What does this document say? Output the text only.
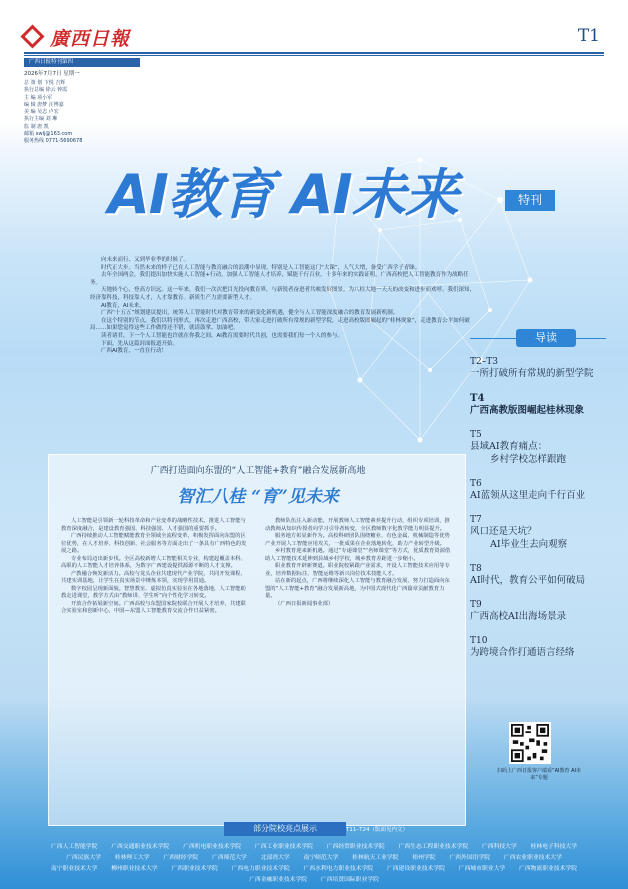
廣西日報	T1
广西日报特刊第四
2026年7月7日 星期一
总 策 划 卞悦 吉辉
执行总编 徐云 钟霞
主 编 项小军
编 辑 唐梦 汪博嘉
美 编 吴志 卢宏
执行主编 刘 琳
监 制 唐 凯
邮箱 xwlj@163.com
服务热线 0771-5690678
AI教育 AI未来	特刊

向未来而行、又到毕业季的时候了。

时代正大步。当然未来的样子已在人工智能与教育融合的浪潮中显现。特别是人工智能这门“大课”，人气大增，备受广西学子青睐。

去年全国两会，我们提出加快实施人工智能+行动，加强人工智能人才培养，赋能千行百业。十多年来的实践证明，广西高校把人工智能教育作为战略任务。

天地转个心，登高方识远。这一年来，我们一次次把目光投向教育界，与新锐者奋进者共映发展图景。为八桂大地一天天的改变和进步而欢呼。我们深知，经济靠科技，科技靠人才，人才靠教育。新质生产力需要新型人才。

AI教育，AI未来。

广西“十五五”规划建议提出，统筹人工智能时代对教育带来的新变化新机遇，健全与人工智能深度融合的教育发展新机制。

在这个特别的节点，我们以特刊形式，再次走进广西高校，带大家走进打破所有常规的新型学院，走进高校版图崛起的“桂林现象”，走进教育公平如何破局……如果您觉得这些工作做得还不错，就请鼓掌、加油吧。

读者诸君，下一个人工智能也许就在你我之间。AI教育需要时代共创，也需要我们每一个人的参与。

下面，先从这篇封面报道开始。

广西AI教育，一直在行动！

导读
T2–T3
一所打破所有常规的新型学院
T4
广西高教版图崛起桂林现象
T5
县域AI教育痛点：
乡村学校怎样跟跑
T6
AI蓝领从这里走向千行百业
T7
风口还是天坑？
AI毕业生去向观察
T8
AI时代，教育公平如何破局
T9
广西高校AI出海场景录
T10
为跨境合作打通语言经络
广西打造面向东盟的“人工智能+教育”融合发展新高地
智汇八桂 “育”见未来

人工智能是引领新一轮科技革命和产业变革的战略性技术。推进人工智能与教育深度融合，是建设教育强国、科技强国、人才强国的重要抓手。

广西持续推动人工智能赋能教育全领域全流程变革，积极发挥面向东盟的区位优势，在人才培养、科技创新、社会服务等方面走出了一条具有广西特色的发展之路。

专业布局迈出新步伐。全区高校新增人工智能相关专业，构建起覆盖本科、高职的人工智能人才培养体系，为数字广西建设提供源源不断的人才支撑。

产教融合焕发新活力。高校与龙头企业共建现代产业学院，共同开发课程、共建实训基地，让学生在真实场景中锤炼本领，实现学用贯通。

数字校园呈现新面貌。智慧教室、虚拟仿真实验室在各地落地，人工智能助教走进课堂，教学方式由“教师讲、学生听”向个性化学习转变。

开放合作拓展新空间。广西高校与东盟国家院校联合开展人才培养，共建联合实验室和创新中心，中国—东盟人工智能教育交流合作日益紧密。

教师队伍注入新动能。开展教师人工智能素养提升行动，组织专项培训，推动教师从知识传授者向学习引导者转变，全区教师数字化教学能力明显提升。

服务地方彰显新作为。高校科研团队围绕糖业、有色金属、机械制造等优势产业开展人工智能应用攻关，一批成果在企业落地转化，助力产业转型升级。

乡村教育迎来新机遇。通过“专递课堂”“名师课堂”等方式，优质教育资源借助人工智能技术延伸到县域乡村学校，城乡教育差距进一步缩小。

职业教育开辟新赛道。职业院校紧跟产业需求，开设人工智能技术应用等专业，培养数据标注、智能运维等新兴岗位技术技能人才。

站在新的起点，广西将继续深化人工智能与教育融合发展，努力打造面向东盟的“人工智能+教育”融合发展新高地，为中国式现代化广西篇章贡献教育力量。

（广西日报新闻事业部）

扫码上广西日报客户端看“AI教育 AI未来”专题
部分院校亮点展示	T11–T24（版面见内文）
广西人工智能学院 广西交通职业技术学院 广西机电职业技术学院 广西工业职业技术学院 广西经贸职业技术学院 广西生态工程职业技术学院 广西科技大学 桂林电子科技大学 广西民族大学 桂林理工大学 广西财经学院 广西师范大学 北部湾大学 南宁师范大学 桂林航天工业学院 梧州学院 广西外国语学院 广西农业职业技术大学 南宁职业技术大学 柳州职业技术大学 广西职业技术学院 广西电力职业技术学院 广西水利电力职业技术学院 广西建设职业技术学院 广西城市职业大学 广西物流职业技术学院 广西金融职业技术学院 广西培贤国际职业学院
